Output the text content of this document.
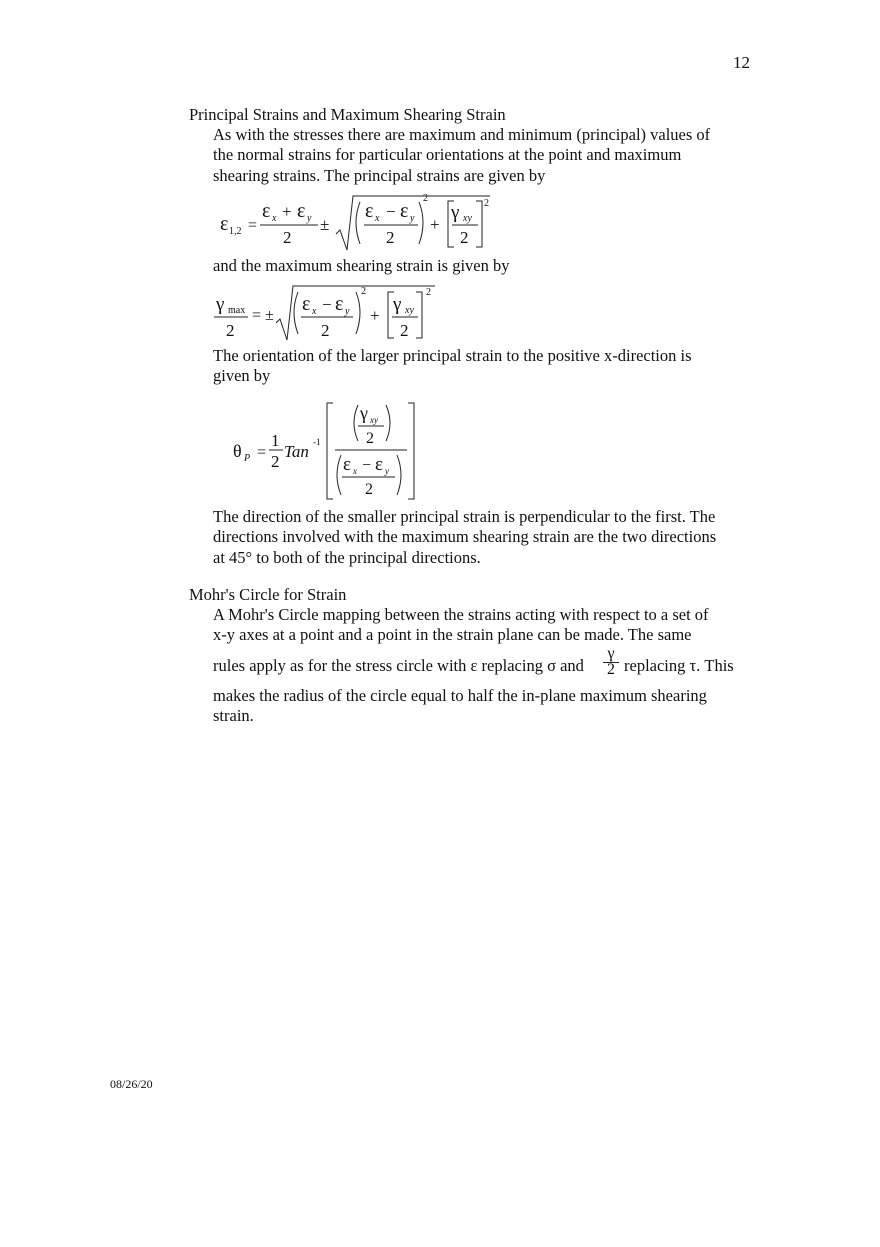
12
Principal Strains and Maximum Shearing Strain
As with the stresses there are maximum and minimum (principal) values of
the normal strains for particular orientations at the point and maximum
shearing strains. The principal strains are given by
ε 1,2 =
ε x + ε y
2
±
ε x − ε y
2
2
+
γ xy
2
2
and the maximum shearing strain is given by
γ max
2
= ±
ε x − ε y
2
2
+
γ xy
2
2
The orientation of the larger principal strain to the positive x-direction is
given by
θ P =
1
2
Tan -1
γ xy
2
ε x − ε y
2
The direction of the smaller principal strain is perpendicular to the first. The
directions involved with the maximum shearing strain are the two directions
at 45° to both of the principal directions.
Mohr's Circle for Strain
A Mohr's Circle mapping between the strains acting with respect to a set of
x-y axes at a point and a point in the strain plane can be made. The same
rules apply as for the stress circle with ε replacing σ and $\frac{\gamma}{2}$ replacing τ. This
makes the radius of the circle equal to half the in-plane maximum shearing
strain.
08/26/20
